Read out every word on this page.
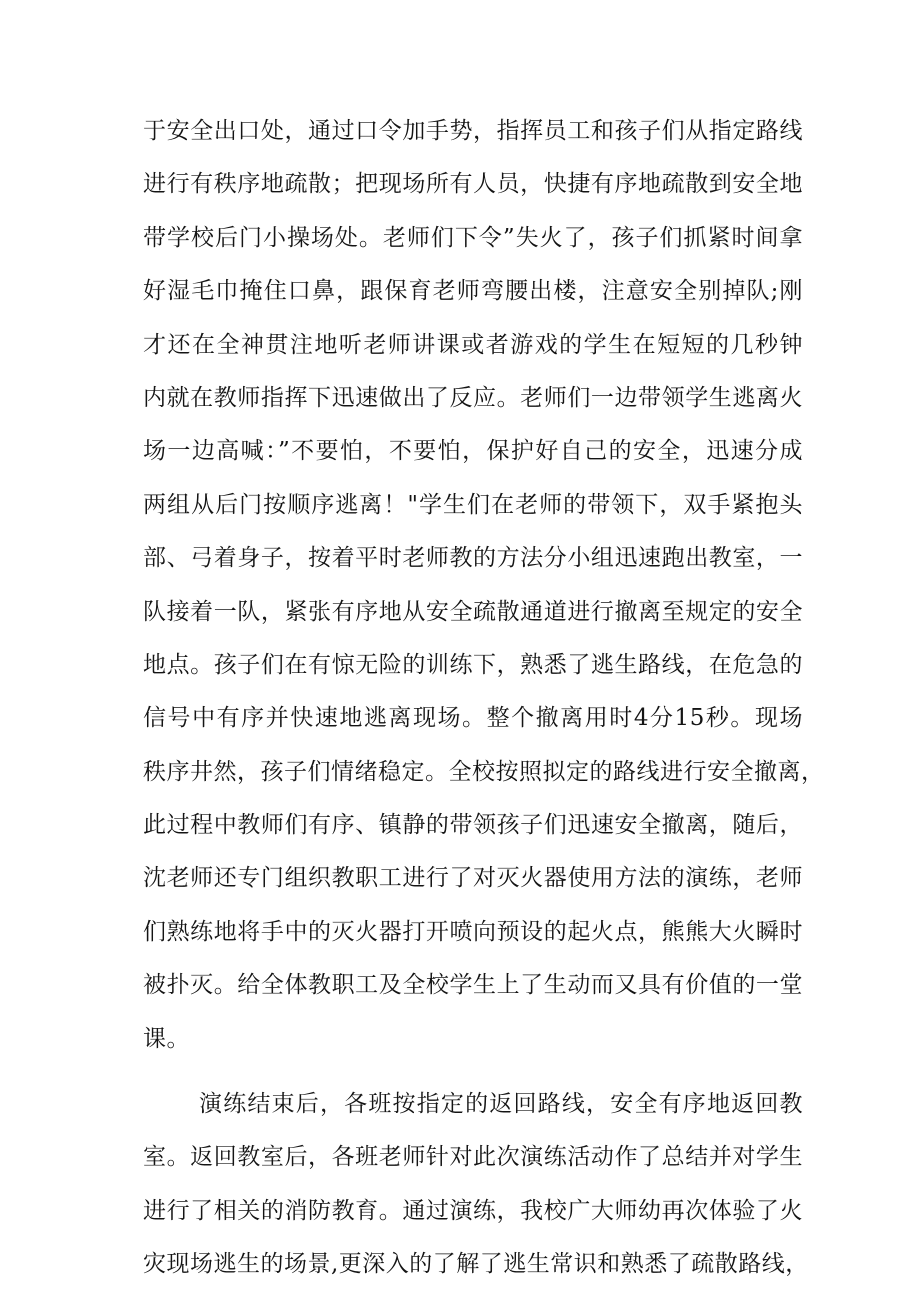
于安全出口处，通过口令加手势，指挥员工和孩子们从指定路线
进行有秩序地疏散；把现场所有人员，快捷有序地疏散到安全地
带学校后门小操场处。老师们下令”失火了，孩子们抓紧时间拿
好湿毛巾掩住口鼻，跟保育老师弯腰出楼，注意安全别掉队;刚
才还在全神贯注地听老师讲课或者游戏的学生在短短的几秒钟
内就在教师指挥下迅速做出了反应。老师们一边带领学生逃离火
场一边高喊：”不要怕，不要怕，保护好自己的安全，迅速分成
两组从后门按顺序逃离！"学生们在老师的带领下，双手紧抱头
部、弓着身子，按着平时老师教的方法分小组迅速跑出教室，一
队接着一队，紧张有序地从安全疏散通道进行撤离至规定的安全
地点。孩子们在有惊无险的训练下，熟悉了逃生路线，在危急的
信号中有序并快速地逃离现场。整个撤离用时4分15秒。现场
秩序井然，孩子们情绪稳定。全校按照拟定的路线进行安全撤离，
此过程中教师们有序、镇静的带领孩子们迅速安全撤离，随后，
沈老师还专门组织教职工进行了对灭火器使用方法的演练，老师
们熟练地将手中的灭火器打开喷向预设的起火点，熊熊大火瞬时
被扑灭。给全体教职工及全校学生上了生动而又具有价值的一堂
课。
演练结束后，各班按指定的返回路线，安全有序地返回教
室。返回教室后，各班老师针对此次演练活动作了总结并对学生
进行了相关的消防教育。通过演练，我校广大师幼再次体验了火
灾现场逃生的场景,更深入的了解了逃生常识和熟悉了疏散路线，
